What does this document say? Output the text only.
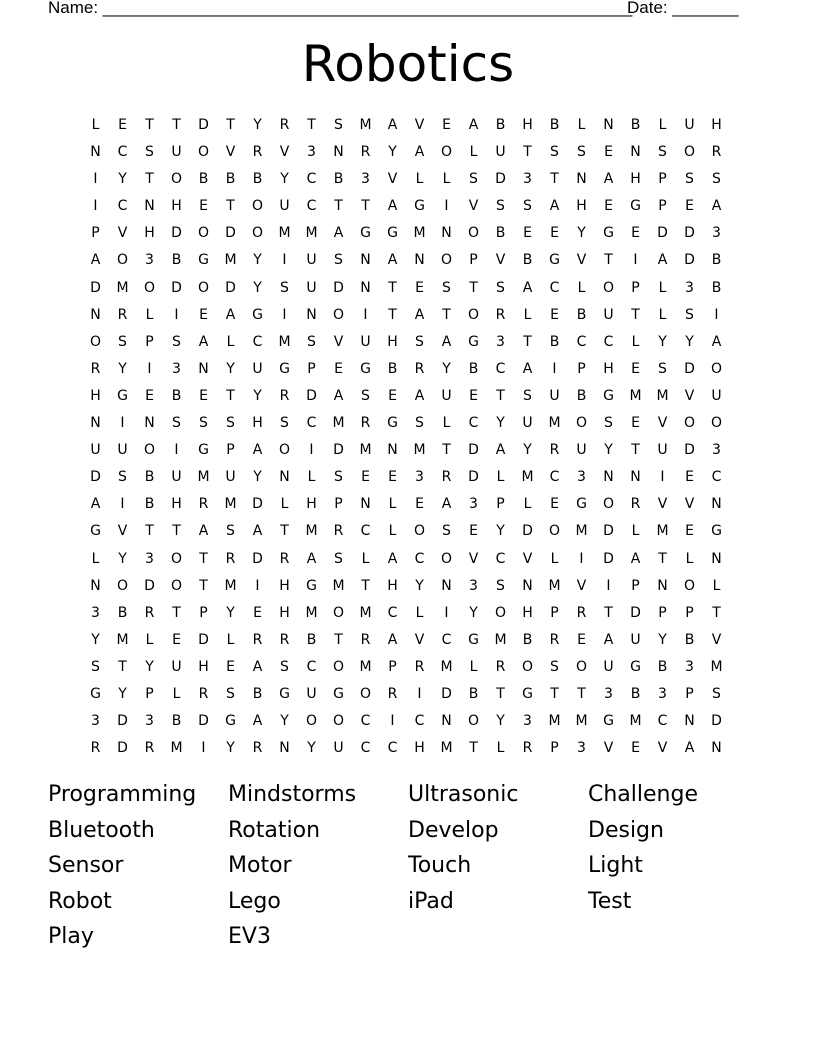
Name: ________________________________________________________
Date: _______
Robotics
L	E	T	T	D	T	Y	R	T	S	M	A	V	E	A	B	H	B	L	N	B	L	U	H
N	C	S	U	O	V	R	V	3	N	R	Y	A	O	L	U	T	S	S	E	N	S	O	R
I	Y	T	O	B	B	B	Y	C	B	3	V	L	L	S	D	3	T	N	A	H	P	S	S
I	C	N	H	E	T	O	U	C	T	T	A	G	I	V	S	S	A	H	E	G	P	E	A
P	V	H	D	O	D	O	M	M	A	G	G	M	N	O	B	E	E	Y	G	E	D	D	3
A	O	3	B	G	M	Y	I	U	S	N	A	N	O	P	V	B	G	V	T	I	A	D	B
D	M	O	D	O	D	Y	S	U	D	N	T	E	S	T	S	A	C	L	O	P	L	3	B
N	R	L	I	E	A	G	I	N	O	I	T	A	T	O	R	L	E	B	U	T	L	S	I
O	S	P	S	A	L	C	M	S	V	U	H	S	A	G	3	T	B	C	C	L	Y	Y	A
R	Y	I	3	N	Y	U	G	P	E	G	B	R	Y	B	C	A	I	P	H	E	S	D	O
H	G	E	B	E	T	Y	R	D	A	S	E	A	U	E	T	S	U	B	G	M	M	V	U
N	I	N	S	S	S	H	S	C	M	R	G	S	L	C	Y	U	M	O	S	E	V	O	O
U	U	O	I	G	P	A	O	I	D	M	N	M	T	D	A	Y	R	U	Y	T	U	D	3
D	S	B	U	M	U	Y	N	L	S	E	E	3	R	D	L	M	C	3	N	N	I	E	C
A	I	B	H	R	M	D	L	H	P	N	L	E	A	3	P	L	E	G	O	R	V	V	N
G	V	T	T	A	S	A	T	M	R	C	L	O	S	E	Y	D	O	M	D	L	M	E	G
L	Y	3	O	T	R	D	R	A	S	L	A	C	O	V	C	V	L	I	D	A	T	L	N
N	O	D	O	T	M	I	H	G	M	T	H	Y	N	3	S	N	M	V	I	P	N	O	L
3	B	R	T	P	Y	E	H	M	O	M	C	L	I	Y	O	H	P	R	T	D	P	P	T
Y	M	L	E	D	L	R	R	B	T	R	A	V	C	G	M	B	R	E	A	U	Y	B	V
S	T	Y	U	H	E	A	S	C	O	M	P	R	M	L	R	O	S	O	U	G	B	3	M
G	Y	P	L	R	S	B	G	U	G	O	R	I	D	B	T	G	T	T	3	B	3	P	S
3	D	3	B	D	G	A	Y	O	O	C	I	C	N	O	Y	3	M	M	G	M	C	N	D
R	D	R	M	I	Y	R	N	Y	U	C	C	H	M	T	L	R	P	3	V	E	V	A	N
Programming	Mindstorms	Ultrasonic	Challenge
Bluetooth	Rotation	Develop	Design
Sensor	Motor	Touch	Light
Robot	Lego	iPad	Test
Play	EV3
